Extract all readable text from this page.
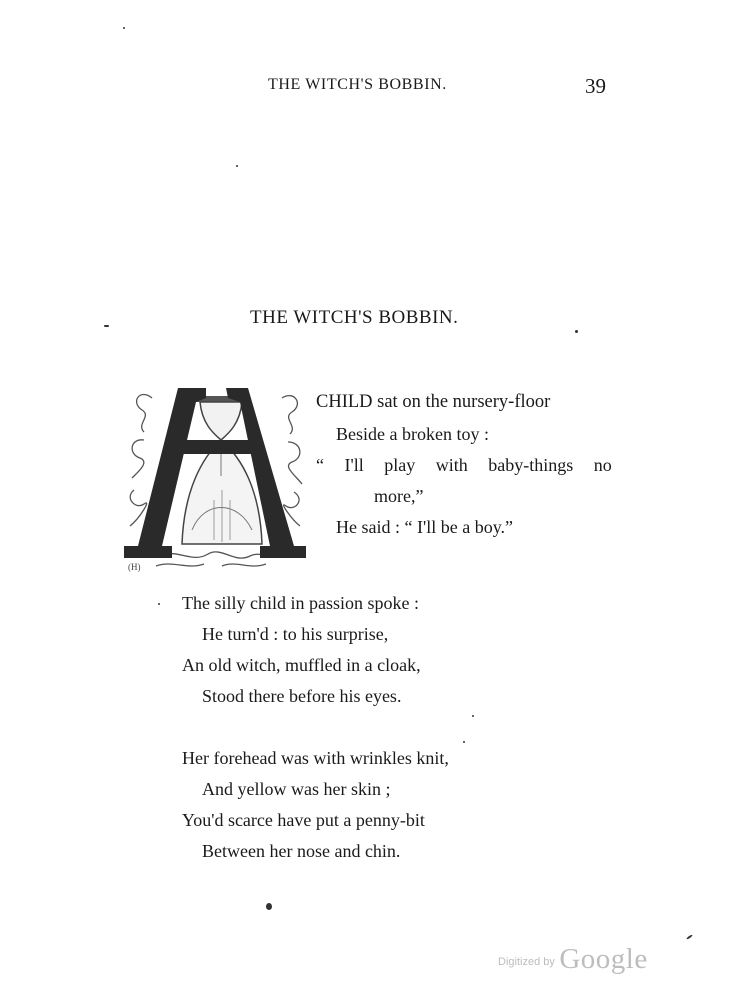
THE WITCH'S BOBBIN.	39
THE WITCH'S BOBBIN.
(H)
CHILD sat on the nursery-floor
Beside a broken toy :
“ I'll play with baby-things no
more,”
He said : “ I'll be a boy.”
The silly child in passion spoke :
He turn'd : to his surprise,
An old witch, muffled in a cloak,
Stood there before his eyes.
Her forehead was with wrinkles knit,
And yellow was her skin ;
You'd scarce have put a penny-bit
Between her nose and chin.
Digitized by Google
